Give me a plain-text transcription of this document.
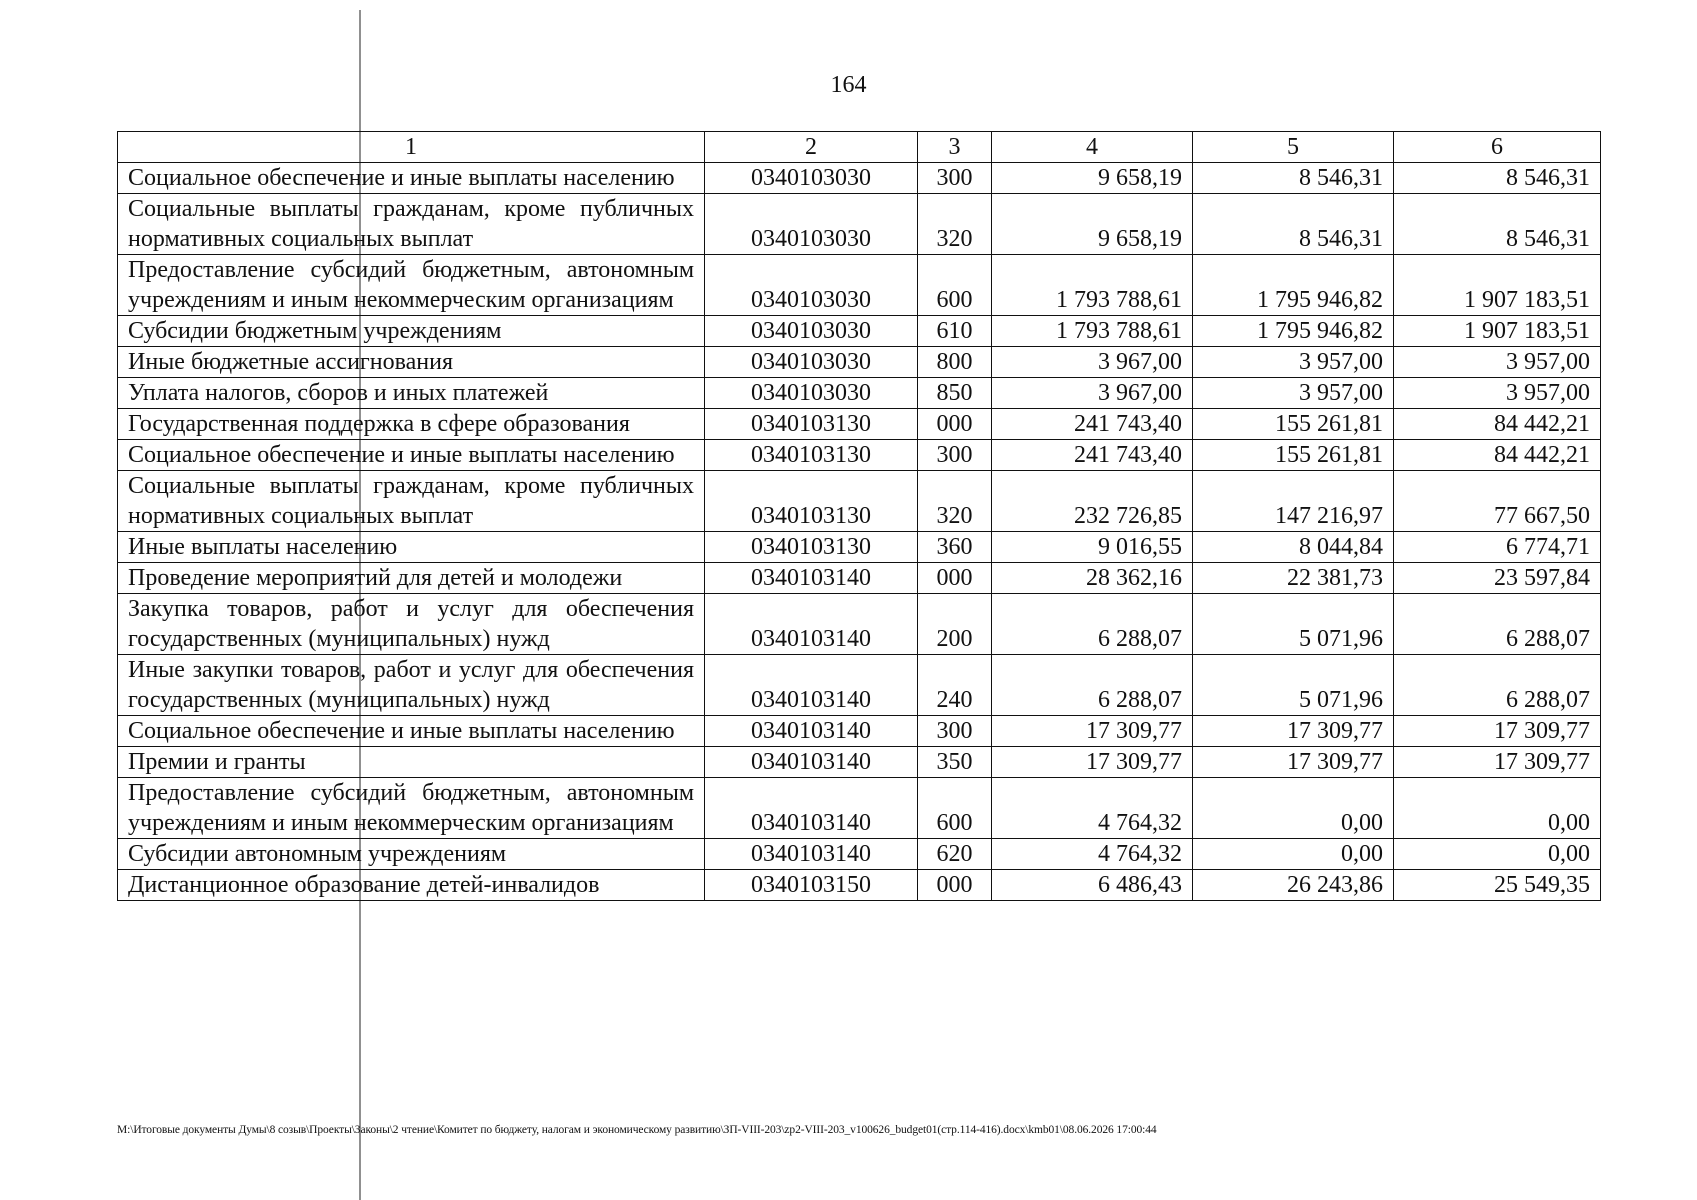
164
1	2	3	4	5	6
Социальное обеспечение и иные выплаты населению	0340103030	300	9 658,19	8 546,31	8 546,31
Социальные выплаты гражданам, кроме публичных нормативных социальных выплат	0340103030	320	9 658,19	8 546,31	8 546,31
Предоставление субсидий бюджетным, автономным учреждениям и иным некоммерческим организациям	0340103030	600	1 793 788,61	1 795 946,82	1 907 183,51
Субсидии бюджетным учреждениям	0340103030	610	1 793 788,61	1 795 946,82	1 907 183,51
Иные бюджетные ассигнования	0340103030	800	3 967,00	3 957,00	3 957,00
Уплата налогов, сборов и иных платежей	0340103030	850	3 967,00	3 957,00	3 957,00
Государственная поддержка в сфере образования	0340103130	000	241 743,40	155 261,81	84 442,21
Социальное обеспечение и иные выплаты населению	0340103130	300	241 743,40	155 261,81	84 442,21
Социальные выплаты гражданам, кроме публичных нормативных социальных выплат	0340103130	320	232 726,85	147 216,97	77 667,50
Иные выплаты населению	0340103130	360	9 016,55	8 044,84	6 774,71
Проведение мероприятий для детей и молодежи	0340103140	000	28 362,16	22 381,73	23 597,84
Закупка товаров, работ и услуг для обеспечения государственных (муниципальных) нужд	0340103140	200	6 288,07	5 071,96	6 288,07
Иные закупки товаров, работ и услуг для обеспечения государственных (муниципальных) нужд	0340103140	240	6 288,07	5 071,96	6 288,07
Социальное обеспечение и иные выплаты населению	0340103140	300	17 309,77	17 309,77	17 309,77
Премии и гранты	0340103140	350	17 309,77	17 309,77	17 309,77
Предоставление субсидий бюджетным, автономным учреждениям и иным некоммерческим организациям	0340103140	600	4 764,32	0,00	0,00
Субсидии автономным учреждениям	0340103140	620	4 764,32	0,00	0,00
Дистанционное образование детей-инвалидов	0340103150	000	6 486,43	26 243,86	25 549,35
M:\Итоговые документы Думы\8 созыв\Проекты\Законы\2 чтение\Комитет по бюджету, налогам и экономическому развитию\ЗП-VIII-203\zp2-VIII-203_v100626_budget01(стр.114-416).docx\kmb01\08.06.2026 17:00:44
